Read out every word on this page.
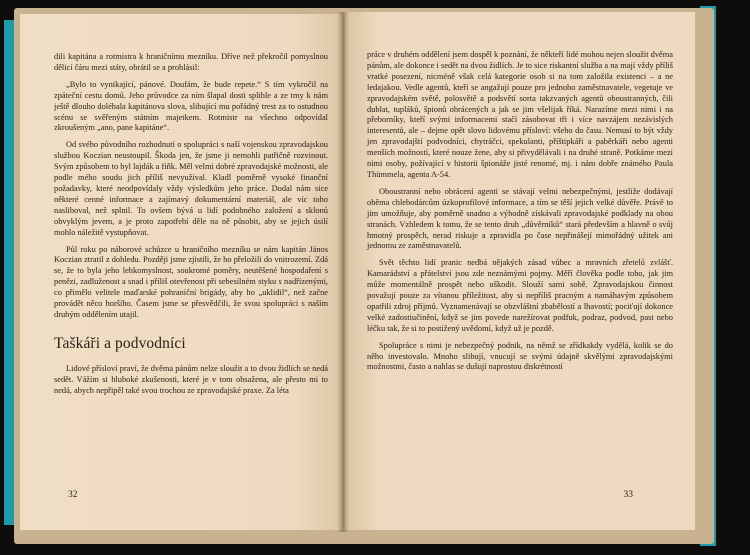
dili kapitána a rotmistra k hraničnímu mezníku. Dříve než překročil pomyslnou dělicí čáru mezi státy, obrátil se a prohlásil:

„Bylo to vynikající, pánové. Doufám, že bude repete.“ S tím vykročil na zpáteční cestu domů. Jeho průvodce za ním šlapal dosti splihle a ze tmy k nám ještě dlouho doléhala kapitánova slova, slibující mu pořádný trest za to ostudnou scénu se svěřeným státním majetkem. Rotmistr na všechno odpovídal zkroušeným „ano, pane kapitáne“.

Od svého původního rozhodnutí o spolupráci s naší vojenskou zpravodajskou službou Koczian neustoupil. Škoda jen, že jsme ji nemohli patřičně rozvinout. Svým způsobem to byl lajdák a fiňk. Měl velmi dobré zpravodajské možnosti, ale podle mého soudu jich příliš nevyužíval. Kladl poměrně vysoké finanční požadavky, které neodpovídaly vždy výsledkům jeho práce. Dodal nám sice některé cenné informace a zajímavý dokumentární materiál, ale víc toho nasliboval, než splnil. To ovšem bývá u lidí podobného založení a sklonů obvyklým jevem, a je proto zapotřebí děle na ně působit, aby se jejich úsilí mohlo náležitě vystupňovat.

Půl roku po náborové schůzce u hraničního mezníku se nám kapitán János Koczian ztratil z dohledu. Později jsme zjistili, že ho přeložili do vnitrozemí. Zdá se, že to byla jeho lehkomyslnost, soukromé poměry, neutěšené hospodaření s penězi, zadluženost a snad i příliš otevřenost při sebesílném styku s nadřízenými, co přimělo velitele maďarské pohraniční brigády, aby ho „uklidil“, než začne provádět něco horšího. Časem jsme se přesvědčili, že svou spolupráci s naším druhým oddělením utajil.

Taškáři a podvodníci

Lidové přísloví praví, že dvěma pánům nelze sloužit a to dvou židlích se nedá sedět. Vážím si hluboké zkušenosti, které je v tom obsažena, ale přesto mi to nedá, abych nepřipěl také svou trochou ze zpravodajské praxe. Za léta

32

práce v druhém oddělení jsem dospěl k poznání, že někteří lidé mohou nejen sloužit dvěma pánům, ale dokonce i sedět na dvou židlích. Je to sice riskantní služba a na mají vždy příliš vratké posezení, nicméně však celá kategorie osob si na tom založila existenci – a ne ledajakou. Vedle agentů, kteří se angažují pouze pro jednoho zaměstnavatele, vegetuje ve zpravodajském světě, polosvětě a podsvětí sorta takzvaných agentů oboustranných, čili dublat, tupláků, špionů obrácených a jak se jim všelijak říká. Narazíme mezi nimi i na přeborníky, kteří svými informacemi stačí zásobovat tři i více navzájem nezávislých interesentů, ale – dejme opět slovo lidovému přísloví: všeho do času. Nemusí to být vždy jen zpravodajští podvodníci, chytráčci, spekulanti, příštipkáři a paběrkáři nebo agenti menších možností, které nouze žene, aby si přivydělávali i na druhé straně. Potkáme mezi nimi osoby, požívající v historii špionáže jisté renomé, mj. i nám dobře známého Paula Thümmela, agenta A-54.

Oboustranní nebo obrácení agenti se stávají velmi nebezpečnými, jestliže dodávají oběma chlebodárcům úzkoprofilové informace, a tím se těší jejich velké důvěře. Právě to jim umožňuje, aby poměrně snadno a výhodně získávali zpravodajské podklady na obou stranách. Vzhledem k tomu, že se tento druh „důvěrníků“ stará především a hlavně o svůj hmotný prospěch, nerad riskuje a zpravidla po čase nepřinášejí mimořádný užitek ani jednomu ze zaměstnavatelů.

Svět těchto lidí pranic nedbá nějakých zásad vůbec a mravních zřetelů zvlášť. Kamarádství a přátelství jsou zde neznámými pojmy. Měří člověka podle toho, jak jim může momentálně prospět nebo uškodit. Slouží sami sobě. Zpravodajskou činnost považují pouze za vítanou příležitost, aby si nepříliš pracným a namáhavým způsobem opatřili zdroj příjmů. Vyznamenávají se obzvláštní zbabělostí a lhavostí; pociťují dokonce velké zadostiučinění, když se jim povede narežírovat podfuk, podraz, podvod, past nebo léčku tak, že si to postižený uvědomí, když už je pozdě.

Spolupráce s nimi je nebezpečný podnik, na němž se zřídkakdy vydělá, kolik se do něho investovalo. Mnoho slibují, vnucují se svými údajně skvělými zpravodajskými možnostmi, často a nahlas se dušují naprostou diskrétností

33
